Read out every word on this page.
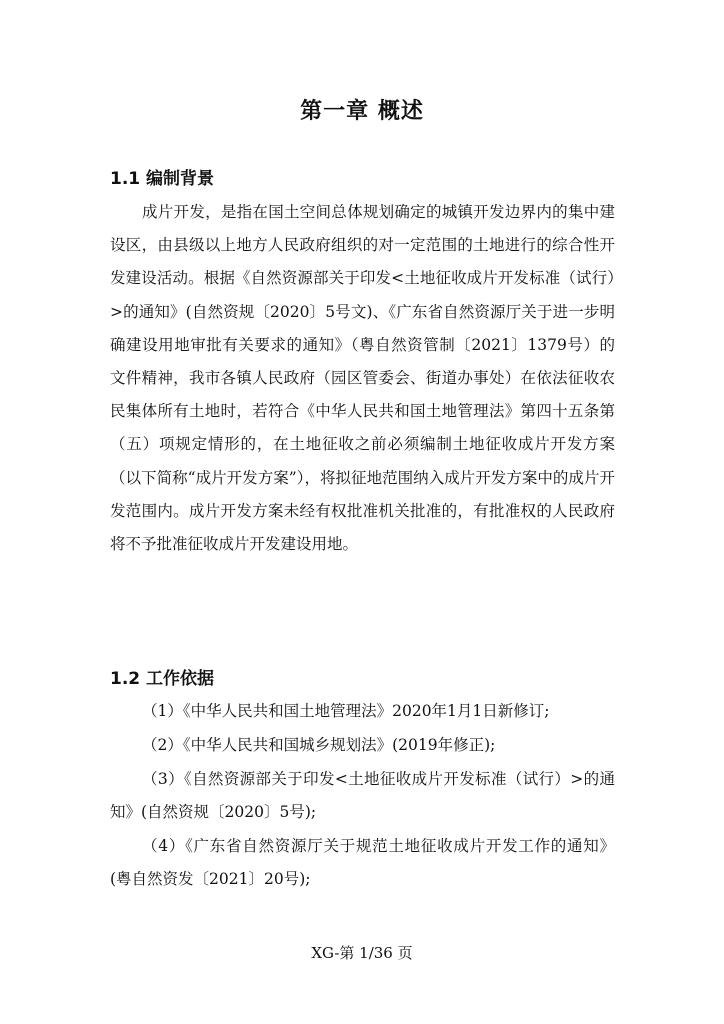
第一章 概述
1.1 编制背景

成片开发，是指在国土空间总体规划确定的城镇开发边界内的集中建设区，由县级以上地方人民政府组织的对一定范围的土地进行的综合性开发建设活动。根据《自然资源部关于印发<土地征收成片开发标准（试行）>的通知》(自然资规〔2020〕5号文)、《广东省自然资源厅关于进一步明确建设用地审批有关要求的通知》（粤自然资管制〔2021〕1379号）的文件精神，我市各镇人民政府（园区管委会、街道办事处）在依法征收农民集体所有土地时，若符合《中华人民共和国土地管理法》第四十五条第（五）项规定情形的，在土地征收之前必须编制土地征收成片开发方案（以下简称“成片开发方案”），将拟征地范围纳入成片开发方案中的成片开发范围内。成片开发方案未经有权批准机关批准的，有批准权的人民政府将不予批准征收成片开发建设用地。

1.2 工作依据

（1）《中华人民共和国土地管理法》2020年1月1日新修订;

（2）《中华人民共和国城乡规划法》(2019年修正);

（3）《自然资源部关于印发<土地征收成片开发标准（试行）>的通知》(自然资规〔2020〕5号);

（4）《广东省自然资源厅关于规范土地征收成片开发工作的通知》(粤自然资发〔2021〕20号);

XG-第 1/36 页
